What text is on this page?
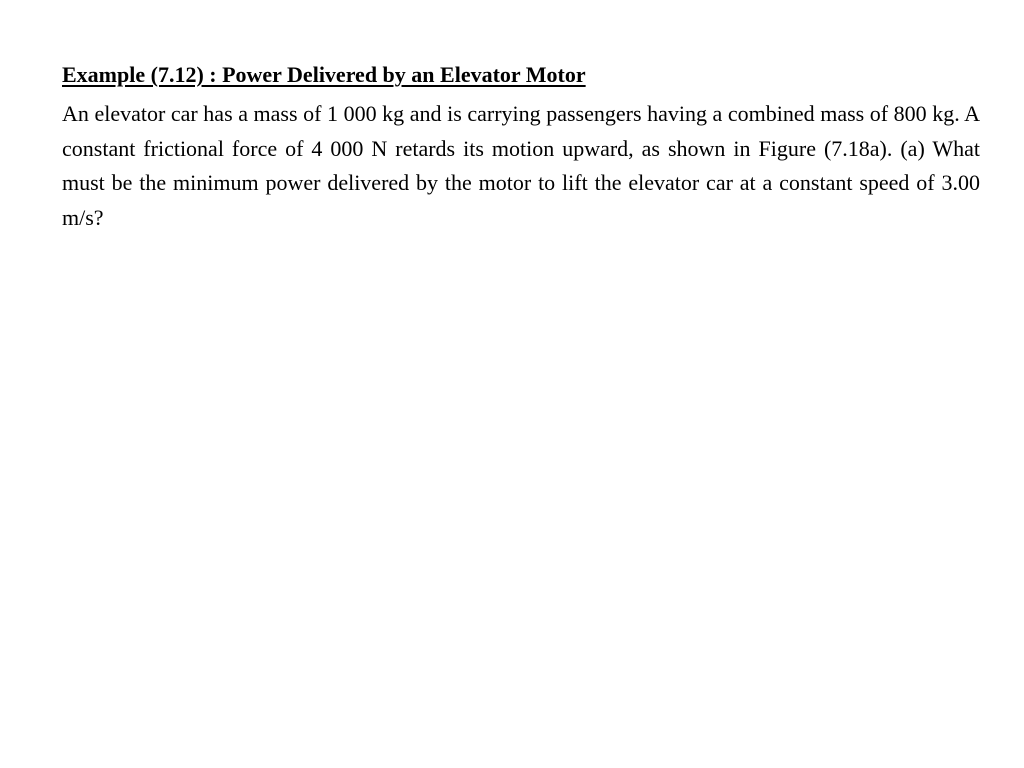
Example (7.12) : Power Delivered by an Elevator Motor

An elevator car has a mass of 1 000 kg and is carrying passengers having a combined mass of 800 kg. A constant frictional force of 4 000 N retards its motion upward, as shown in Figure (7.18a). (a) What must be the minimum power delivered by the motor to lift the elevator car at a constant speed of 3.00 m/s?
